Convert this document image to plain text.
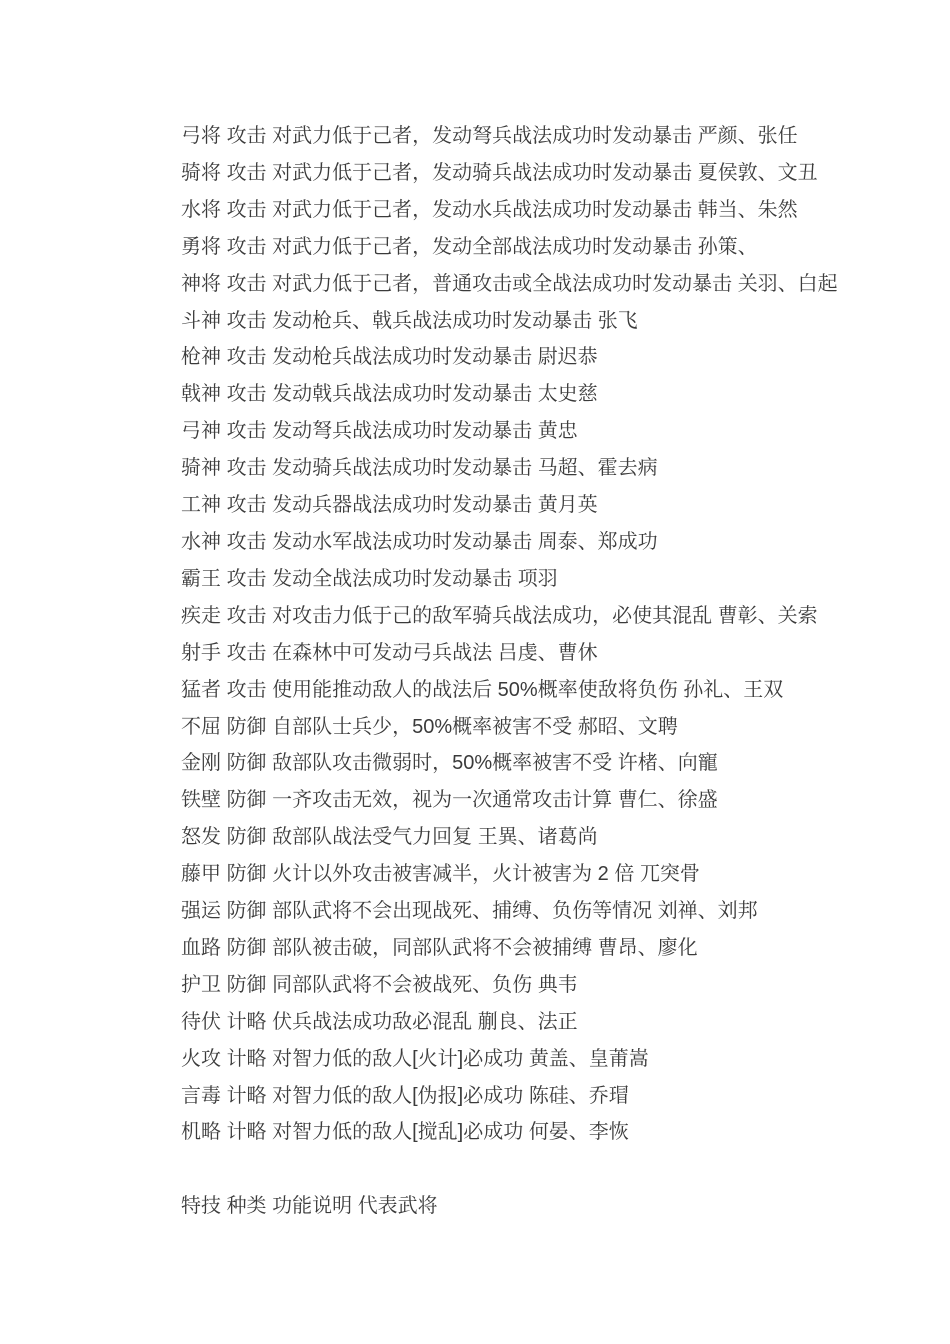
弓将 攻击 对武力低于己者，发动弩兵战法成功时发动暴击 严颜、张任

骑将 攻击 对武力低于己者，发动骑兵战法成功时发动暴击 夏侯敦、文丑

水将 攻击 对武力低于己者，发动水兵战法成功时发动暴击 韩当、朱然

勇将 攻击 对武力低于己者，发动全部战法成功时发动暴击 孙策、

神将 攻击 对武力低于己者，普通攻击或全战法成功时发动暴击 关羽、白起

斗神 攻击 发动枪兵、戟兵战法成功时发动暴击 张飞

枪神 攻击 发动枪兵战法成功时发动暴击 尉迟恭

戟神 攻击 发动戟兵战法成功时发动暴击 太史慈

弓神 攻击 发动弩兵战法成功时发动暴击 黄忠

骑神 攻击 发动骑兵战法成功时发动暴击 马超、霍去病

工神 攻击 发动兵器战法成功时发动暴击 黄月英

水神 攻击 发动水军战法成功时发动暴击 周泰、郑成功

霸王 攻击 发动全战法成功时发动暴击 项羽

疾走 攻击 对攻击力低于己的敌军骑兵战法成功，必使其混乱 曹彰、关索

射手 攻击 在森林中可发动弓兵战法 吕虔、曹休

猛者 攻击 使用能推动敌人的战法后 50%概率使敌将负伤 孙礼、王双

不屈 防御 自部队士兵少，50%概率被害不受 郝昭、文聘

金刚 防御 敌部队攻击微弱时，50%概率被害不受 许楮、向寵

铁壁 防御 一齐攻击无效，视为一次通常攻击计算 曹仁、徐盛

怒发 防御 敌部队战法受气力回复 王異、诸葛尚

藤甲 防御 火计以外攻击被害减半，火计被害为 2 倍 兀突骨

强运 防御 部队武将不会出现战死、捕缚、负伤等情况 刘禅、刘邦

血路 防御 部队被击破，同部队武将不会被捕缚 曹昂、廖化

护卫 防御 同部队武将不会被战死、负伤 典韦

待伏 计略 伏兵战法成功敌必混乱 蒯良、法正

火攻 计略 对智力低的敌人[火计]必成功 黄盖、皇莆嵩

言毒 计略 对智力低的敌人[伪报]必成功 陈硅、乔瑁

机略 计略 对智力低的敌人[搅乱]必成功 何晏、李恢

特技 种类 功能说明 代表武将
